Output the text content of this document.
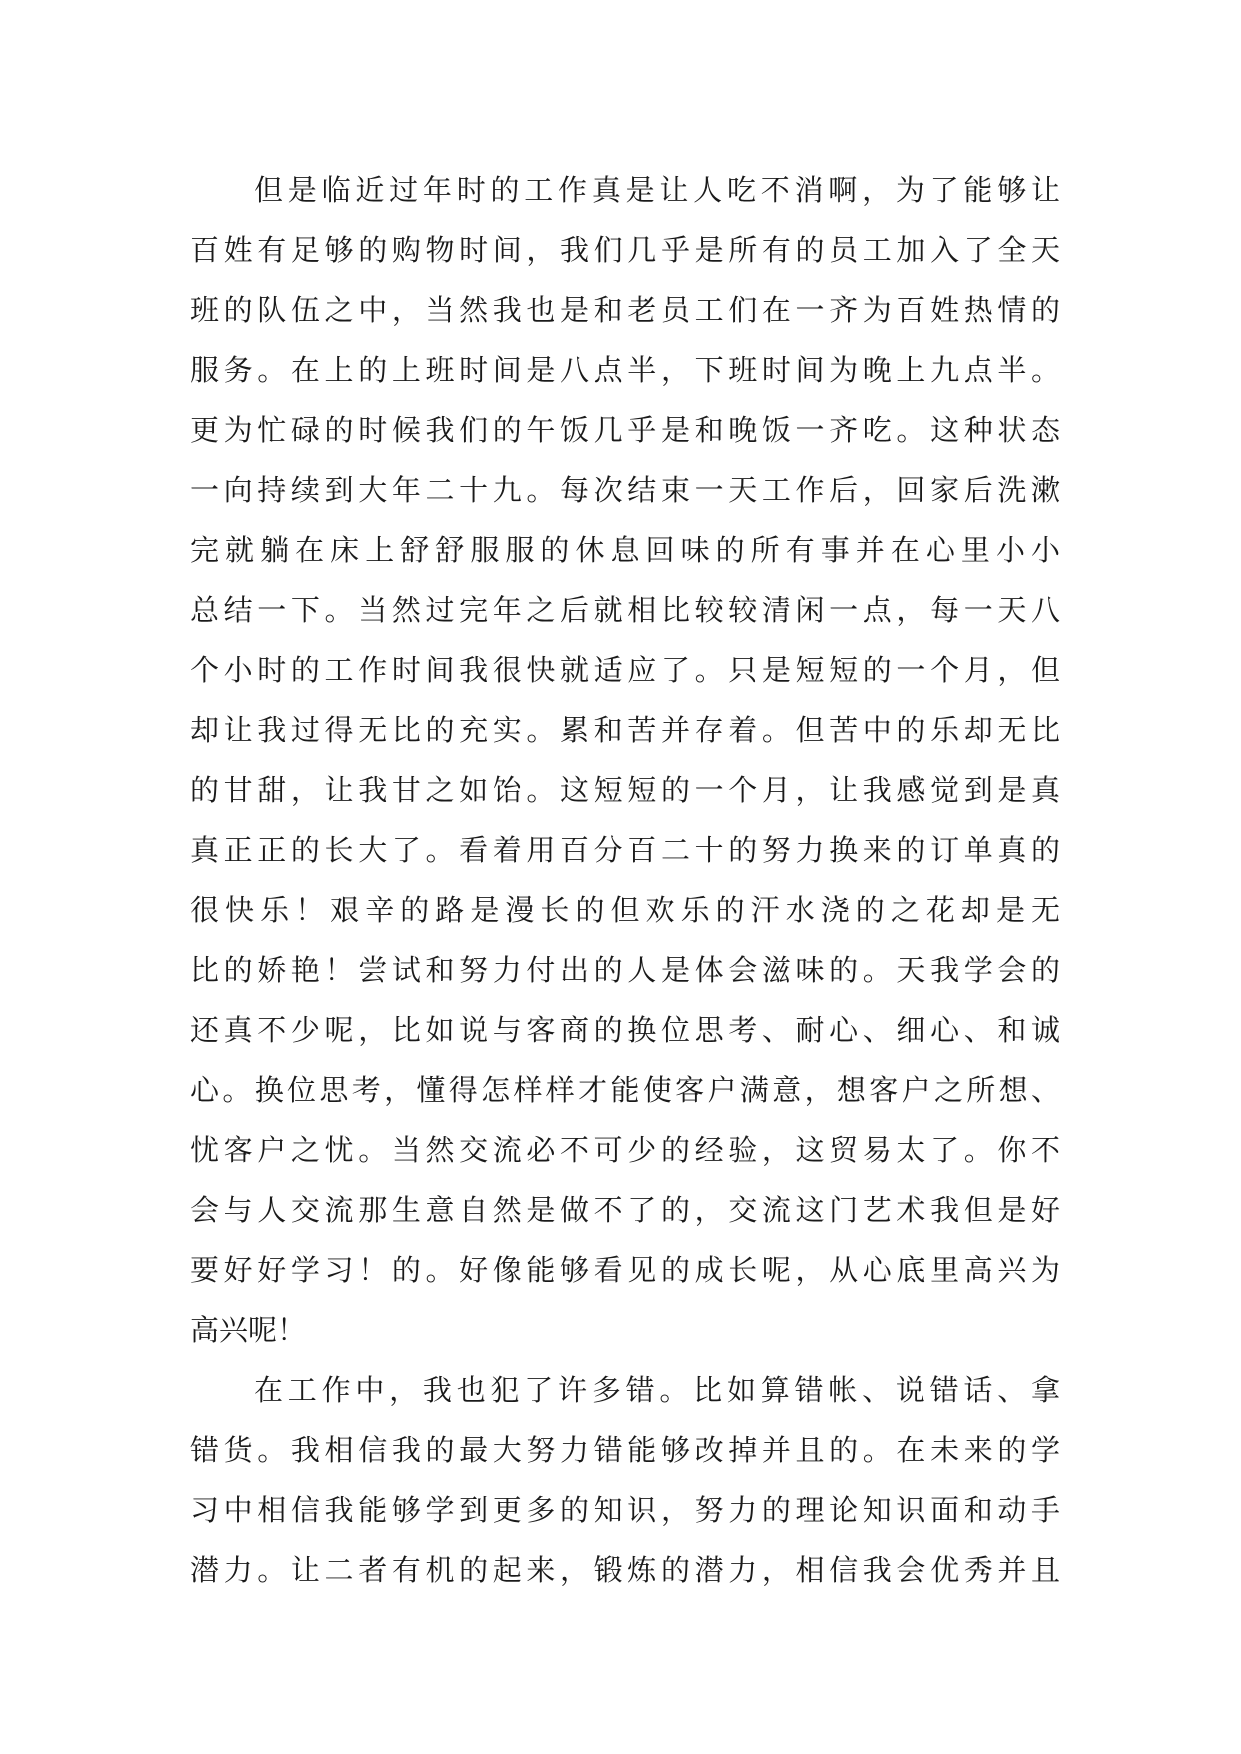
但是临近过年时的工作真是让人吃不消啊，为了能够让
百姓有足够的购物时间，我们几乎是所有的员工加入了全天
班的队伍之中，当然我也是和老员工们在一齐为百姓热情的
服务。在上的上班时间是八点半，下班时间为晚上九点半。
更为忙碌的时候我们的午饭几乎是和晚饭一齐吃。这种状态
一向持续到大年二十九。每次结束一天工作后，回家后洗漱
完就躺在床上舒舒服服的休息回味的所有事并在心里小小
总结一下。当然过完年之后就相比较较清闲一点，每一天八
个小时的工作时间我很快就适应了。只是短短的一个月，但
却让我过得无比的充实。累和苦并存着。但苦中的乐却无比
的甘甜，让我甘之如饴。这短短的一个月，让我感觉到是真
真正正的长大了。看着用百分百二十的努力换来的订单真的
很快乐！艰辛的路是漫长的但欢乐的汗水浇的之花却是无
比的娇艳！尝试和努力付出的人是体会滋味的。天我学会的
还真不少呢，比如说与客商的换位思考、耐心、细心、和诚
心。换位思考，懂得怎样样才能使客户满意，想客户之所想、
忧客户之忧。当然交流必不可少的经验，这贸易太了。你不
会与人交流那生意自然是做不了的，交流这门艺术我但是好
要好好学习！的。好像能够看见的成长呢，从心底里高兴为
高兴呢！
在工作中，我也犯了许多错。比如算错帐、说错话、拿
错货。我相信我的最大努力错能够改掉并且的。在未来的学
习中相信我能够学到更多的知识，努力的理论知识面和动手
潜力。让二者有机的起来，锻炼的潜力，相信我会优秀并且
